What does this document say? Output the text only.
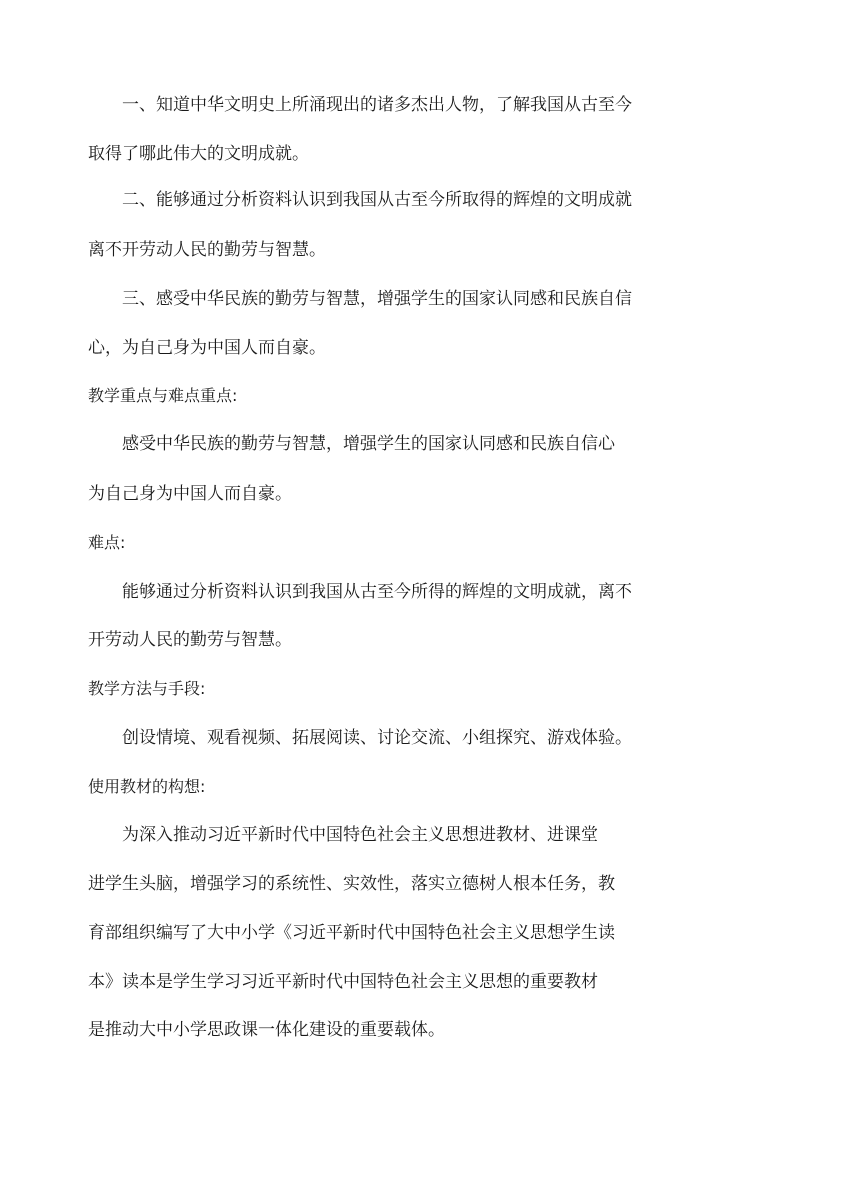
一、知道中华文明史上所涌现出的诸多杰出人物，了解我国从古至今
取得了哪此伟大的文明成就。
二、能够通过分析资料认识到我国从古至今所取得的辉煌的文明成就
离不开劳动人民的勤劳与智慧。
三、感受中华民族的勤劳与智慧，增强学生的国家认同感和民族自信
心，为自己身为中国人而自豪。
教学重点与难点重点:
感受中华民族的勤劳与智慧，增强学生的国家认同感和民族自信心
为自己身为中国人而自豪。
难点:
能够通过分析资料认识到我国从古至今所得的辉煌的文明成就，离不
开劳动人民的勤劳与智慧。
教学方法与手段:
创设情境、观看视频、拓展阅读、讨论交流、小组探究、游戏体验。
使用教材的构想:
为深入推动习近平新时代中国特色社会主义思想进教材、进课堂
进学生头脑，增强学习的系统性、实效性，落实立德树人根本任务，教
育部组织编写了大中小学《习近平新时代中国特色社会主义思想学生读
本》读本是学生学习习近平新时代中国特色社会主义思想的重要教材
是推动大中小学思政课一体化建设的重要载体。
